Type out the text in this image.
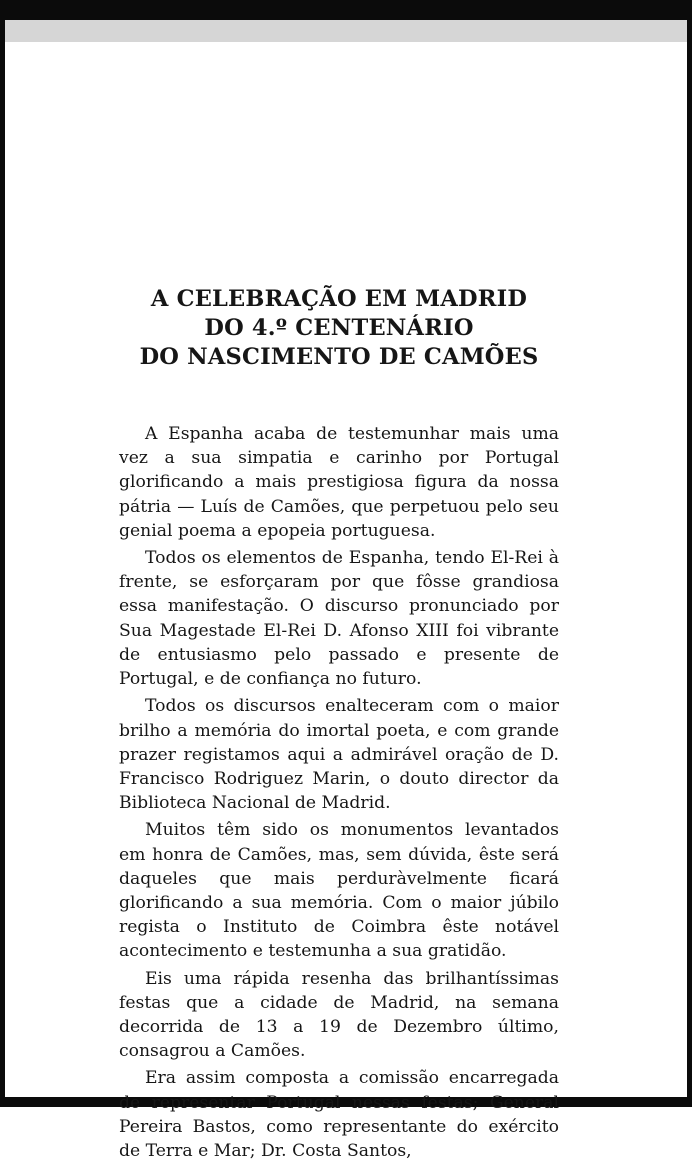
A CELEBRAÇÃO EM MADRID
DO 4.º CENTENÁRIO
DO NASCIMENTO DE CAMÕES

A Espanha acaba de testemunhar mais uma vez a sua simpatia e carinho por Portugal glorificando a mais prestigiosa figura da nossa pátria — Luís de Camões, que perpetuou pelo seu genial poema a epopeia portuguesa.

Todos os elementos de Espanha, tendo El-Rei à frente, se esforçaram por que fôsse grandiosa essa manifestação. O discurso pronunciado por Sua Magestade El-Rei D. Afonso XIII foi vibrante de entusiasmo pelo passado e presente de Portugal, e de confiança no futuro.

Todos os discursos enalteceram com o maior brilho a memória do imortal poeta, e com grande prazer registamos aqui a admirável oração de D. Francisco Rodriguez Marin, o douto director da Biblioteca Nacional de Madrid.

Muitos têm sido os monumentos levantados em honra de Camões, mas, sem dúvida, êste será daqueles que mais perduràvelmente ficará glorificando a sua memória. Com o maior júbilo regista o Instituto de Coimbra êste notável acontecimento e testemunha a sua gratidão.

Eis uma rápida resenha das brilhantíssimas festas que a cidade de Madrid, na semana decorrida de 13 a 19 de Dezembro último, consagrou a Camões.

Era assim composta a comissão encarregada de representar Portugal nessas festas; General Pereira Bastos, como representante do exército de Terra e Mar; Dr. Costa Santos,
